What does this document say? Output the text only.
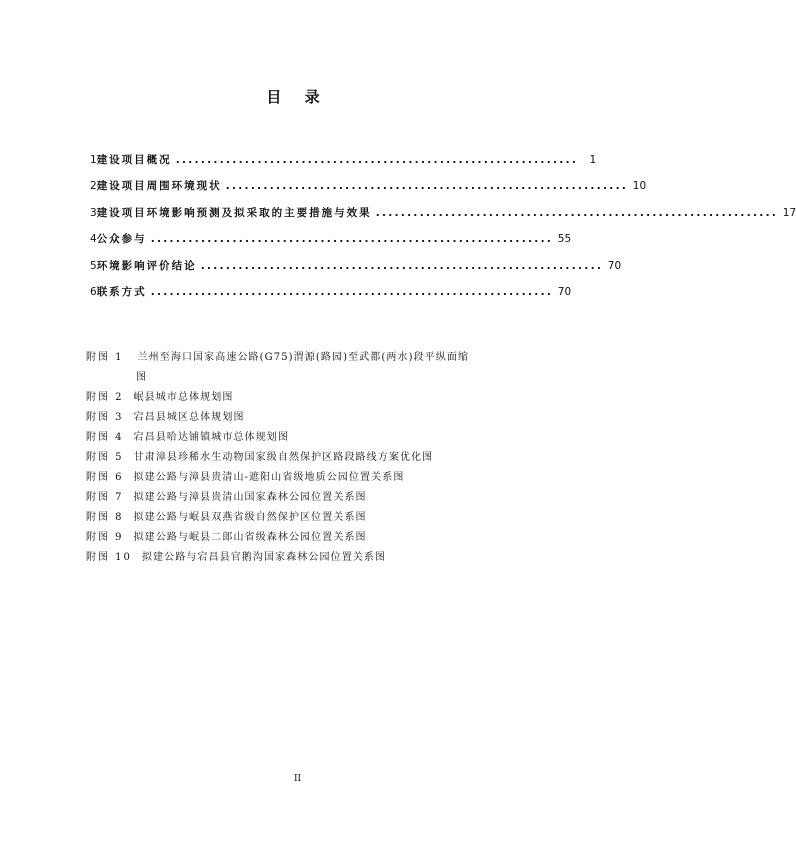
目 录
1 建设项目概况 ................................................................	1
2 建设项目周围环境现状 ................................................................ 10
3 建设项目环境影响预测及拟采取的主要措施与效果 ................................................................ 17
4 公众参与 ................................................................ 55
5 环境影响评价结论 ................................................................ 70
6 联系方式 ................................................................ 70
附图 1	兰州至海口国家高速公路(G75)渭源(路园)至武都(两水)段平纵面缩
图
附图 2	岷县城市总体规划图
附图 3	宕昌县城区总体规划图
附图 4	宕昌县哈达铺镇城市总体规划图
附图 5	甘肃漳县珍稀水生动物国家级自然保护区路段路线方案优化图
附图 6	拟建公路与漳县贵清山-遮阳山省级地质公园位置关系图
附图 7	拟建公路与漳县贵清山国家森林公园位置关系图
附图 8	拟建公路与岷县双燕省级自然保护区位置关系图
附图 9	拟建公路与岷县二郎山省级森林公园位置关系图
附图 10	拟建公路与宕昌县官鹅沟国家森林公园位置关系图
II
